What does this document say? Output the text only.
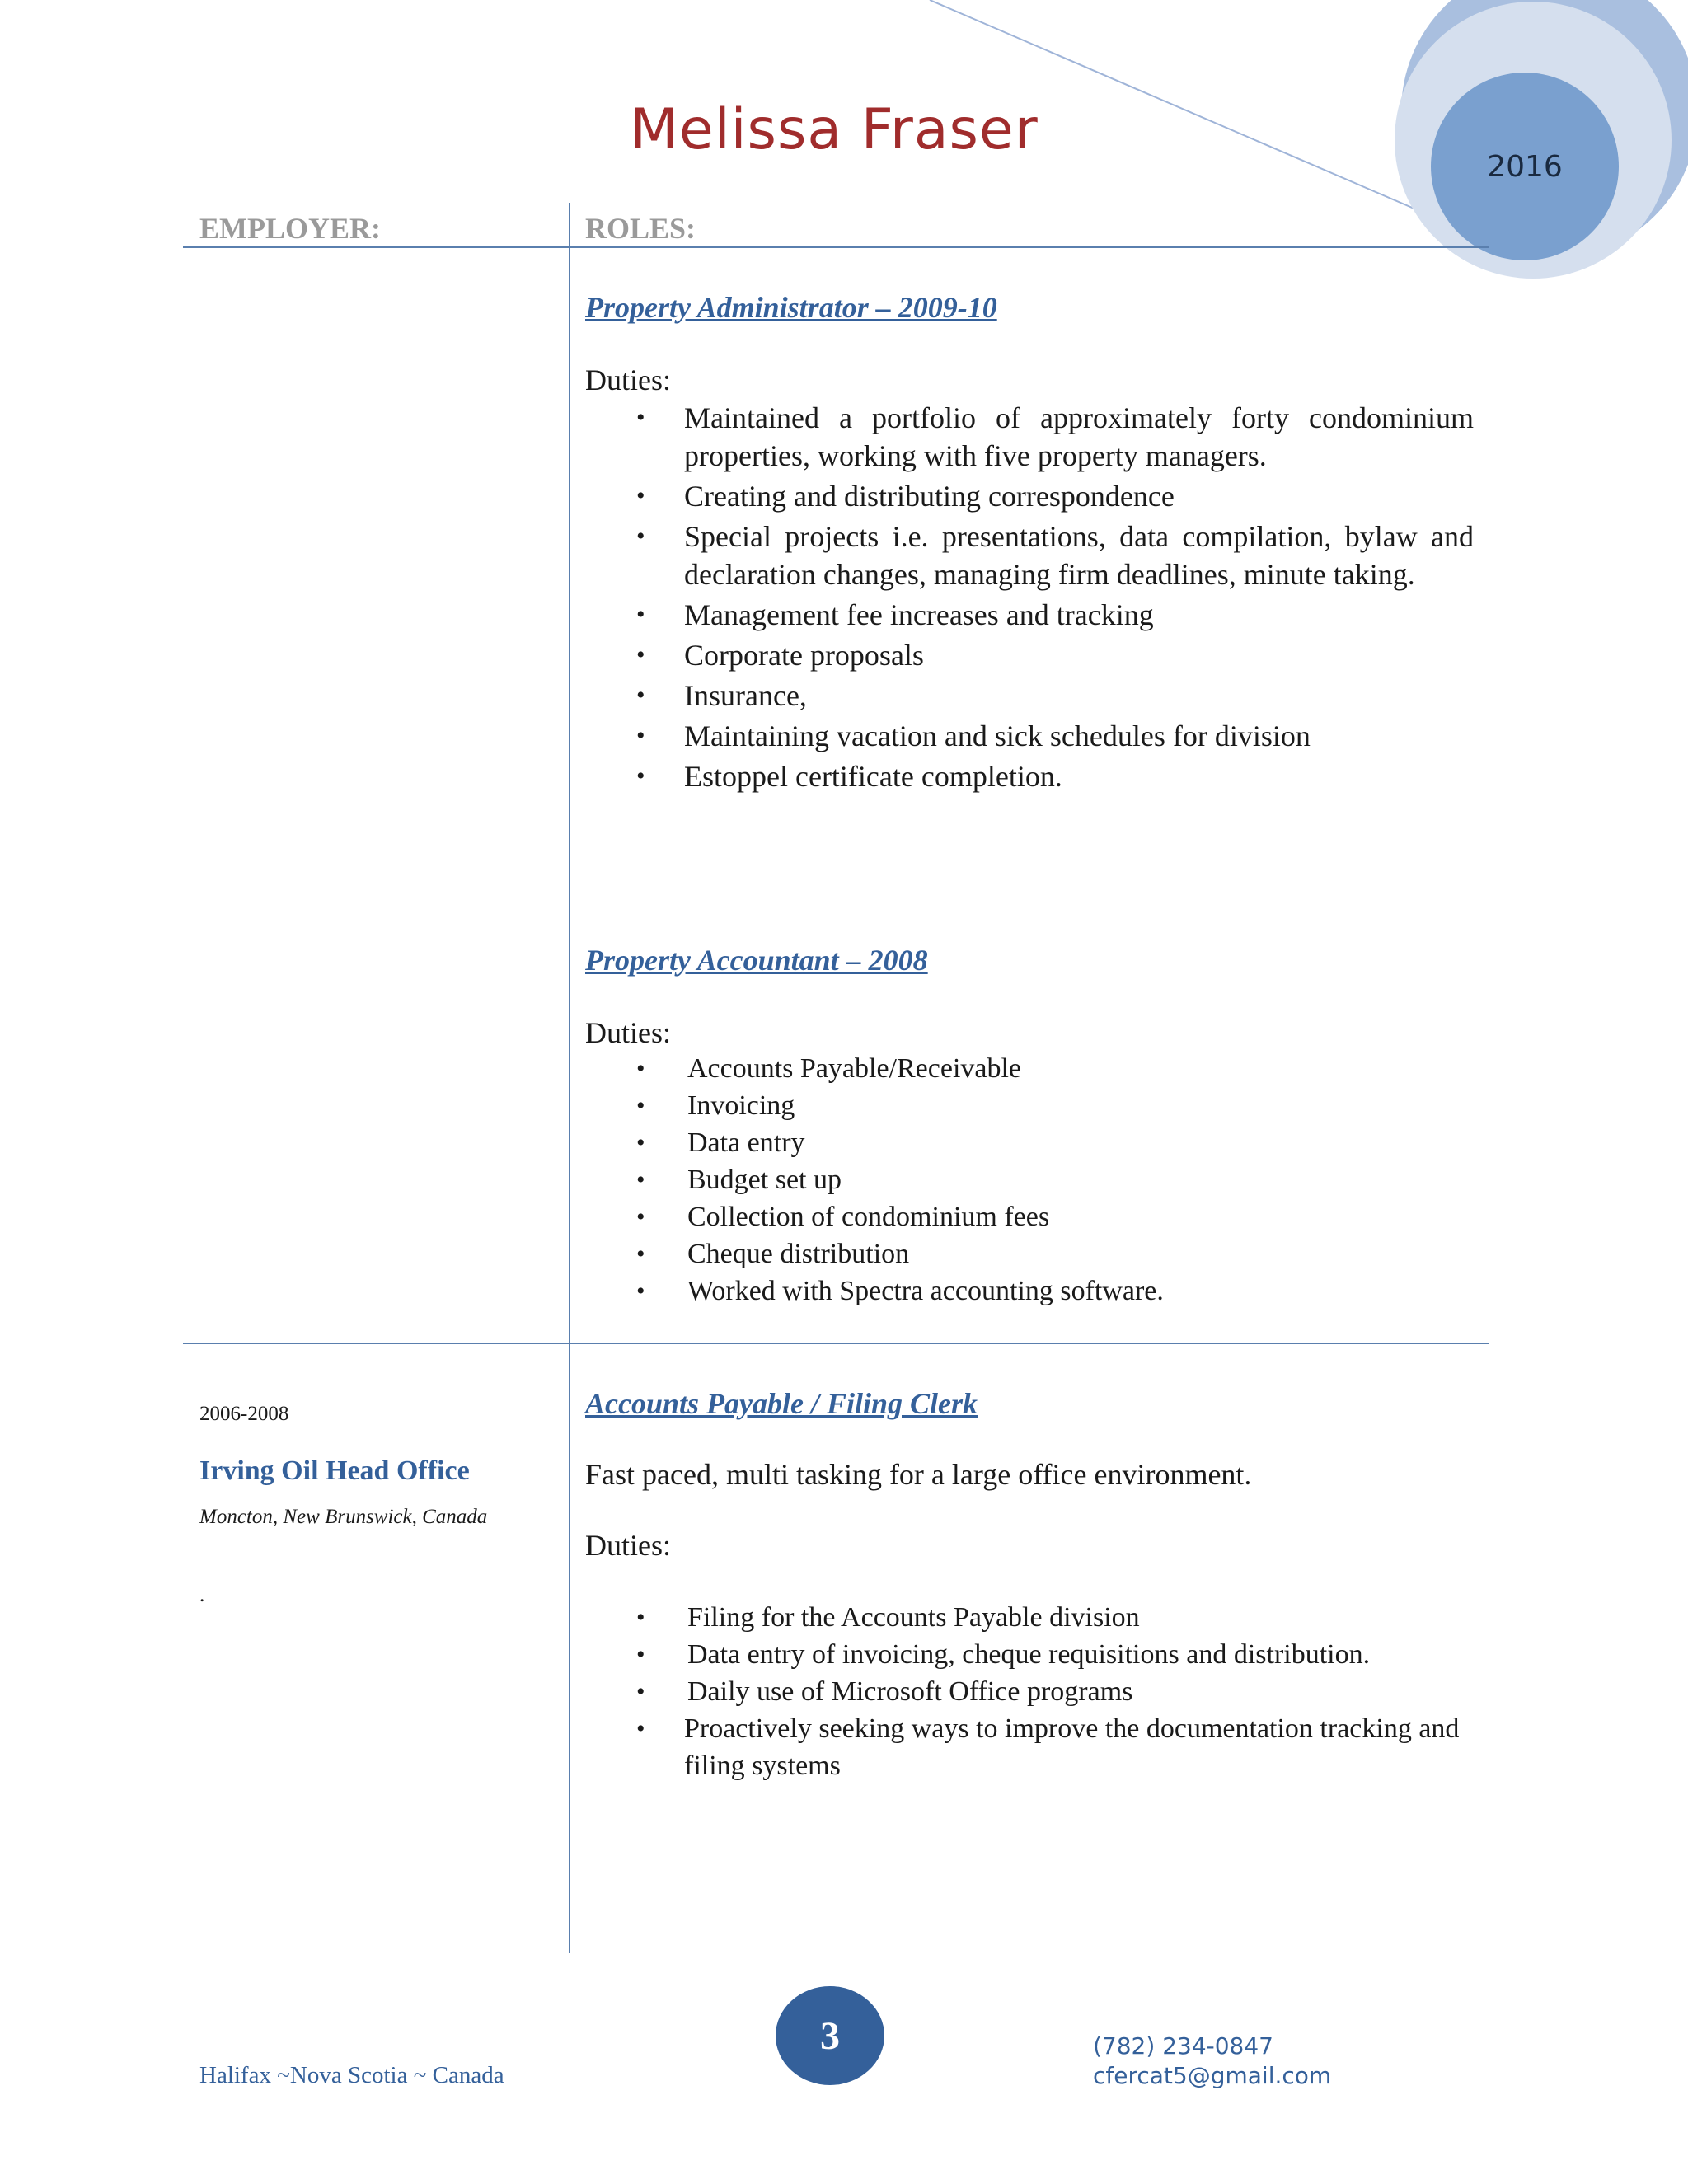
Melissa Fraser
2016
EMPLOYER:	ROLES:
Property Administrator – 2009-10
Duties:
• Maintained a portfolio of approximately forty condominium properties, working with five property managers.
• Creating and distributing correspondence
• Special projects i.e. presentations, data compilation, bylaw and declaration changes, managing firm deadlines, minute taking.
• Management fee increases and tracking
• Corporate proposals
• Insurance,
• Maintaining vacation and sick schedules for division
• Estoppel certificate completion.
Property Accountant – 2008
Duties:
• Accounts Payable/Receivable
• Invoicing
• Data entry
• Budget set up
• Collection of condominium fees
• Cheque distribution
• Worked with Spectra accounting software.
2006-2008
Irving Oil Head Office
Moncton, New Brunswick, Canada
.
Accounts Payable / Filing Clerk
Fast paced, multi tasking for a large office environment.
Duties:
• Filing for the Accounts Payable division
• Data entry of invoicing, cheque requisitions and distribution.
• Daily use of Microsoft Office programs
• Proactively seeking ways to improve the documentation tracking and filing systems
3
Halifax ~Nova Scotia ~ Canada
(782) 234-0847
cfercat5@gmail.com
